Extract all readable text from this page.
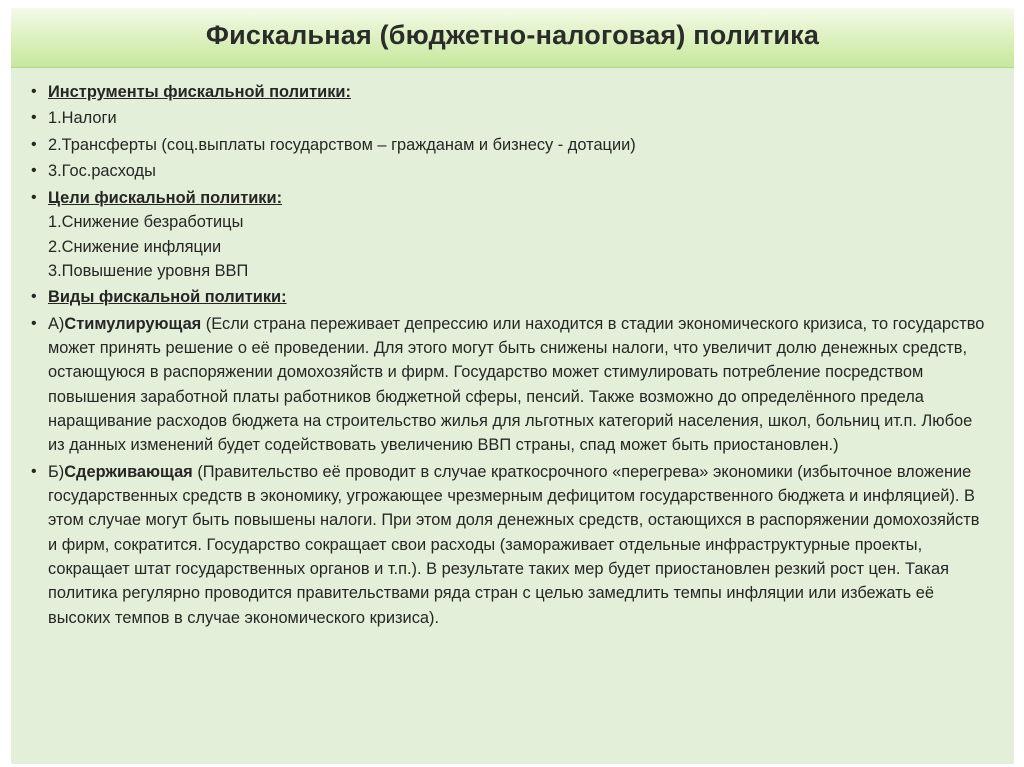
Фискальная (бюджетно-налоговая) политика
• Инструменты фискальной политики:
• 1.Налоги
• 2.Трансферты (соц.выплаты государством – гражданам и бизнесу - дотации)
• 3.Гос.расходы
• Цели фискальной политики:
1.Снижение безработицы
2.Снижение инфляции
3.Повышение уровня ВВП
• Виды фискальной политики:
• А)Стимулирующая (Если страна переживает депрессию или находится в стадии экономического кризиса, то государство может принять решение о её проведении. Для этого могут быть снижены налоги, что увеличит долю денежных средств, остающуюся в распоряжении домохозяйств и фирм. Государство может стимулировать потребление посредством повышения заработной платы работников бюджетной сферы, пенсий. Также возможно до определённого предела наращивание расходов бюджета на строительство жилья для льготных категорий населения, школ, больниц ит.п. Любое из данных изменений будет содействовать увеличению ВВП страны, спад может быть приостановлен.)
• Б)Сдерживающая (Правительство её проводит в случае краткосрочного «перегрева» экономики (избыточное вложение государственных средств в экономику, угрожающее чрезмерным дефицитом государственного бюджета и инфляцией). В этом случае могут быть повышены налоги. При этом доля денежных средств, остающихся в распоряжении домохозяйств и фирм, сократится. Государство сокращает свои расходы (замораживает отдельные инфраструктурные проекты, сокращает штат государственных органов и т.п.). В результате таких мер будет приостановлен резкий рост цен. Такая политика регулярно проводится правительствами ряда стран с целью замедлить темпы инфляции или избежать её высоких темпов в случае экономического кризиса).
